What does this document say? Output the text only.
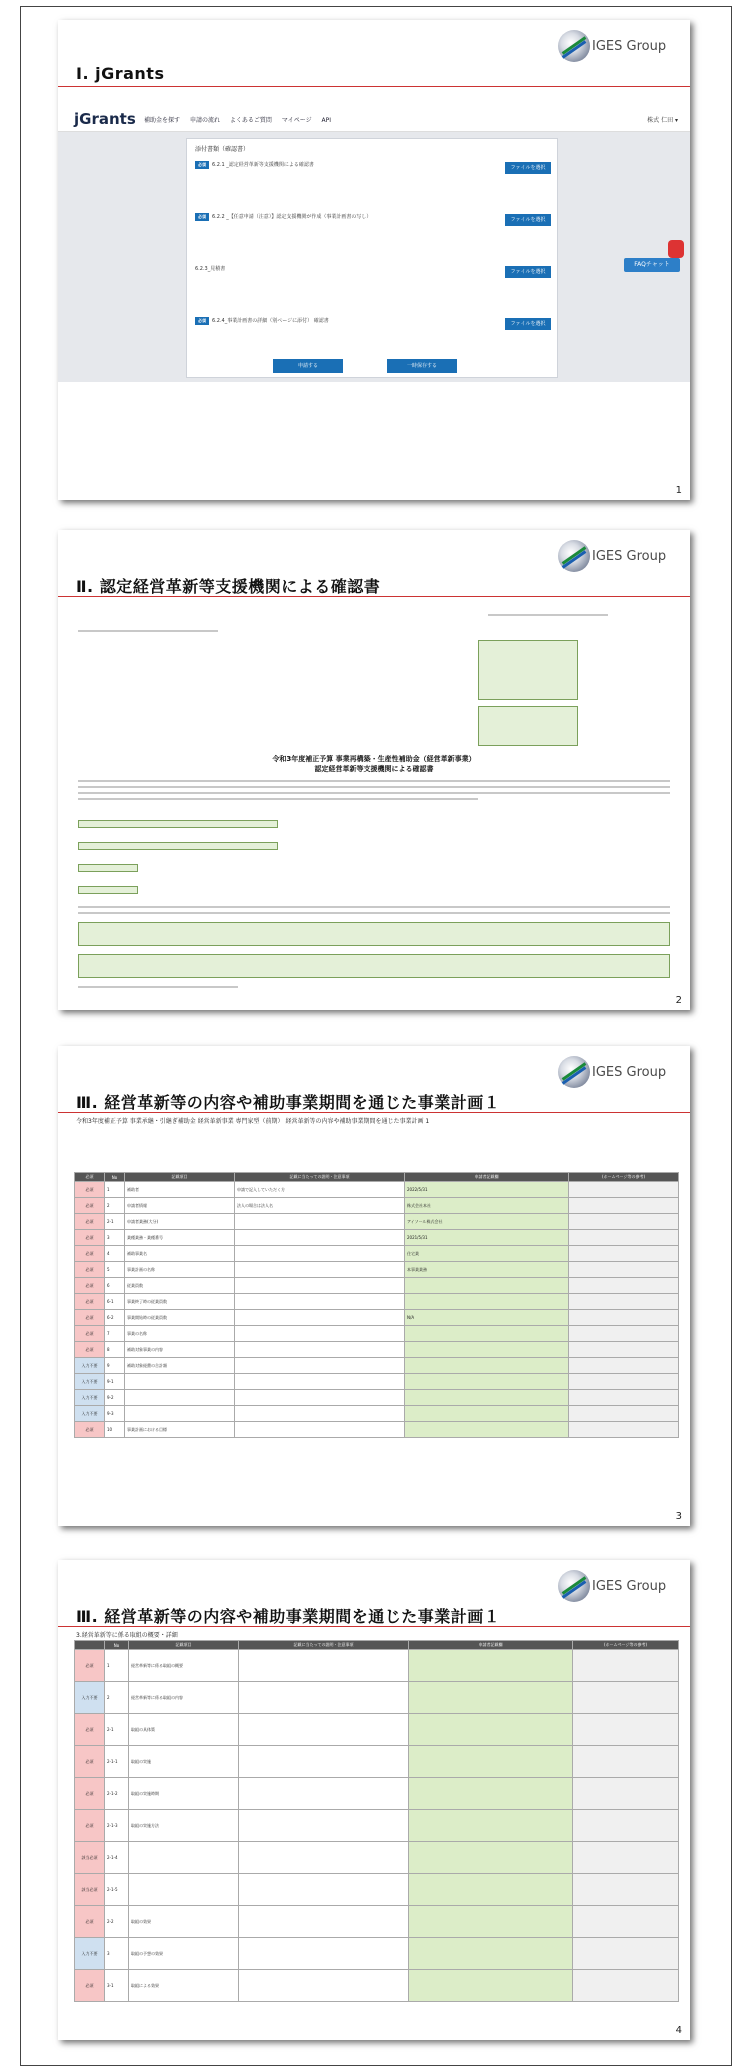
IGES Group
Ⅰ. jGrants
jGrants 補助金を探す 申請の流れ よくあるご質問 マイページ API	株式 仁田 ▾
添付書類（確認書）
必須 6.2.1 _認定経営革新等支援機関による確認書	ファイルを選択
必須 6.2.2 _【任意申請（注意）】認定支援機関が作成（事業計画書の写し）	ファイルを選択
6.2.3_見積書	ファイルを選択
必須 6.2.4_事業計画書の詳細（別ページに添付） 確認書	ファイルを選択
申請する	一時保存する
FAQチャット
1
IGES Group
Ⅱ. 認定経営革新等支援機関による確認書
令和3年度補正予算 事業再構築・生産性補助金（経営革新事業）
認定経営革新等支援機関による確認書
2
IGES Group
Ⅲ. 経営革新等の内容や補助事業期間を通じた事業計画１
令和3年度補正予算 事業承継・引継ぎ補助金 経営革新事業 専門家型（前期） 経営革新等の内容や補助事業期間を通じた事業計画 1
必須	No	記載項目	記載に当たっての説明・注意事項	申請者記載欄	(ホームページ等の参考)
必須	1	補助者	申請で記入していただく方	2022/5/31	
必須	2	申請者情報	法人の場合は法人名	株式会社本社	
必須	2-1	申請者業務(大分)		アイソール株式会社	
必須	3	業種業務・業種番号		2021/5/31	
必須	4	補助事業名		住宅業	
必須	5	事業計画の名称		本事業業務	
必須	6	従業員数			
必須	6-1	事業終了時の従業員数			
必須	6-2	事業開始時の従業員数		N/A	
必須	7	事業の名称			
必須	8	補助対象事業の内容			
入力不要	9	補助対象経費の合計額			
入力不要	9-1				
入力不要	9-2				
入力不要	9-3				
必須	10	事業計画における目標			
3
IGES Group
Ⅲ. 経営革新等の内容や補助事業期間を通じた事業計画１
3.経営革新等に係る取組の概要・詳細
	No	記載項目	記載に当たっての説明・注意事項	申請者記載欄	(ホームページ等の参考)
必須	1	経営革新等に係る取組の概要			
入力不要	2	経営革新等に係る取組の内容			
必須	2-1	取組の具体策			
必須	2-1-1	取組の実施			
必須	2-1-2	取組の実施時期			
必須	2-1-3	取組の実施方法			
該当必須	2-1-4				
該当必須	2-1-5				
必須	2-2	取組の効果			
入力不要	3	取組の予想の効果			
必須	3-1	取組による効果			
4
